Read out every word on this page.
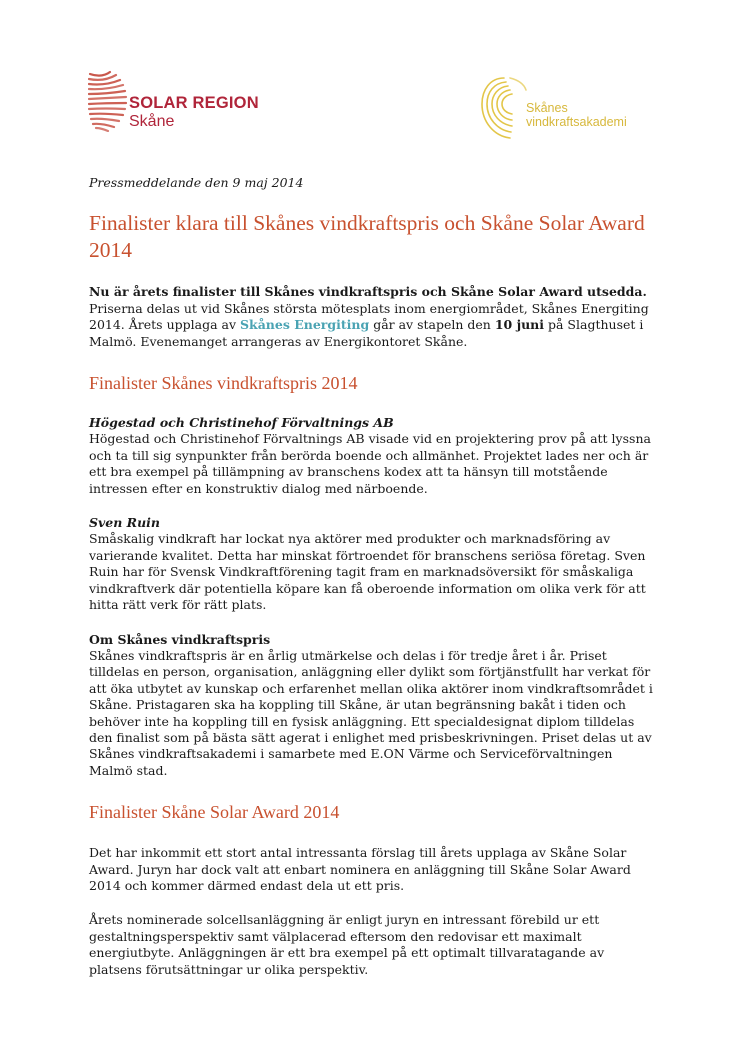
SOLAR REGION
Skåne
Skånes
vindkraftsakademi

Pressmeddelande den 9 maj 2014

Finalister klara till Skånes vindkraftspris och Skåne Solar Award 2014

Nu är årets finalister till Skånes vindkraftspris och Skåne Solar Award utsedda.

Priserna delas ut vid Skånes största mötesplats inom energiområdet, Skånes Energiting 2014. Årets upplaga av Skånes Energiting går av stapeln den 10 juni på Slagthuset i Malmö. Evenemanget arrangeras av Energikontoret Skåne.

Finalister Skånes vindkraftspris 2014

Högestad och Christinehof Förvaltnings AB

Högestad och Christinehof Förvaltnings AB visade vid en projektering prov på att lyssna och ta till sig synpunkter från berörda boende och allmänhet. Projektet lades ner och är ett bra exempel på tillämpning av branschens kodex att ta hänsyn till motstående intressen efter en konstruktiv dialog med närboende.

Sven Ruin

Småskalig vindkraft har lockat nya aktörer med produkter och marknadsföring av varierande kvalitet. Detta har minskat förtroendet för branschens seriösa företag. Sven Ruin har för Svensk Vindkraftförening tagit fram en marknadsöversikt för småskaliga vindkraftverk där potentiella köpare kan få oberoende information om olika verk för att hitta rätt verk för rätt plats.

Om Skånes vindkraftspris

Skånes vindkraftspris är en årlig utmärkelse och delas i för tredje året i år. Priset tilldelas en person, organisation, anläggning eller dylikt som förtjänstfullt har verkat för att öka utbytet av kunskap och erfarenhet mellan olika aktörer inom vindkraftsområdet i Skåne. Pristagaren ska ha koppling till Skåne, är utan begränsning bakåt i tiden och behöver inte ha koppling till en fysisk anläggning. Ett specialdesignat diplom tilldelas den finalist som på bästa sätt agerat i enlighet med prisbeskrivningen. Priset delas ut av Skånes vindkraftsakademi i samarbete med E.ON Värme och Serviceförvaltningen Malmö stad.

Finalister Skåne Solar Award 2014

Det har inkommit ett stort antal intressanta förslag till årets upplaga av Skåne Solar Award. Juryn har dock valt att enbart nominera en anläggning till Skåne Solar Award 2014 och kommer därmed endast dela ut ett pris.

Årets nominerade solcellsanläggning är enligt juryn en intressant förebild ur ett gestaltningsperspektiv samt välplacerad eftersom den redovisar ett maximalt energiutbyte. Anläggningen är ett bra exempel på ett optimalt tillvaratagande av platsens förutsättningar ur olika perspektiv.
